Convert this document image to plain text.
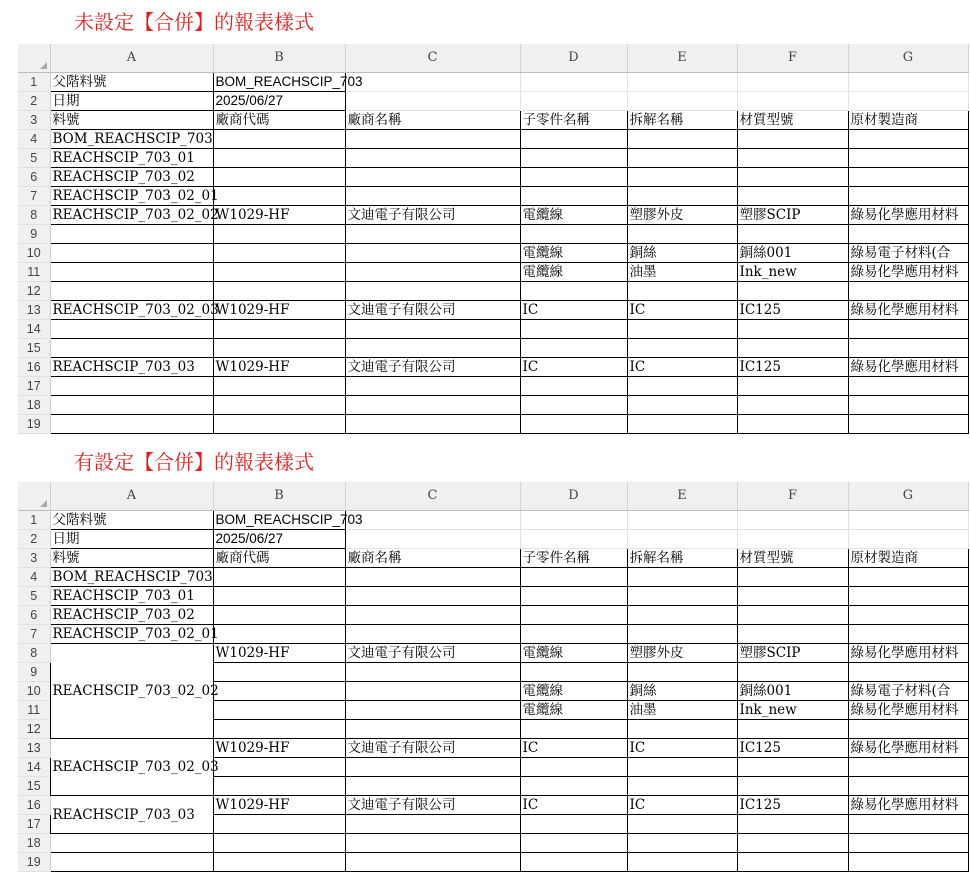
未設定【合併】的報表樣式
	A	B	C	D	E	F	G	
1	父階料號	BOM_REACHSCIP_703						
2	日期	2025/06/27						
3	料號	廠商代碼	廠商名稱	子零件名稱	拆解名稱	材質型號	原材製造商	
4	BOM_REACHSCIP_703							
5	REACHSCIP_703_01							
6	REACHSCIP_703_02							
7	REACHSCIP_703_02_01							
8	REACHSCIP_703_02_02	W1029-HF	文迪電子有限公司	電纜線	塑膠外皮	塑膠SCIP	綠易化學應用材料	
9								
10				電纜線	銅絲	銅絲001	綠易電子材料(合	
11				電纜線	油墨	Ink_new	綠易化學應用材料	
12								
13	REACHSCIP_703_02_03	W1029-HF	文迪電子有限公司	IC	IC	IC125	綠易化學應用材料	
14								
15								
16	REACHSCIP_703_03	W1029-HF	文迪電子有限公司	IC	IC	IC125	綠易化學應用材料	
17								
18								
19								
有設定【合併】的報表樣式
	A	B	C	D	E	F	G	
1	父階料號	BOM_REACHSCIP_703						
2	日期	2025/06/27						
3	料號	廠商代碼	廠商名稱	子零件名稱	拆解名稱	材質型號	原材製造商	
4	BOM_REACHSCIP_703							
5	REACHSCIP_703_01							
6	REACHSCIP_703_02							
7	REACHSCIP_703_02_01							
8	REACHSCIP_703_02_02	W1029-HF	文迪電子有限公司	電纜線	塑膠外皮	塑膠SCIP	綠易化學應用材料	
9								
10				電纜線	銅絲	銅絲001	綠易電子材料(合	
11				電纜線	油墨	Ink_new	綠易化學應用材料	
12								
13	REACHSCIP_703_02_03	W1029-HF	文迪電子有限公司	IC	IC	IC125	綠易化學應用材料	
14								
15								
16	REACHSCIP_703_03	W1029-HF	文迪電子有限公司	IC	IC	IC125	綠易化學應用材料	
17								
18								
19								
